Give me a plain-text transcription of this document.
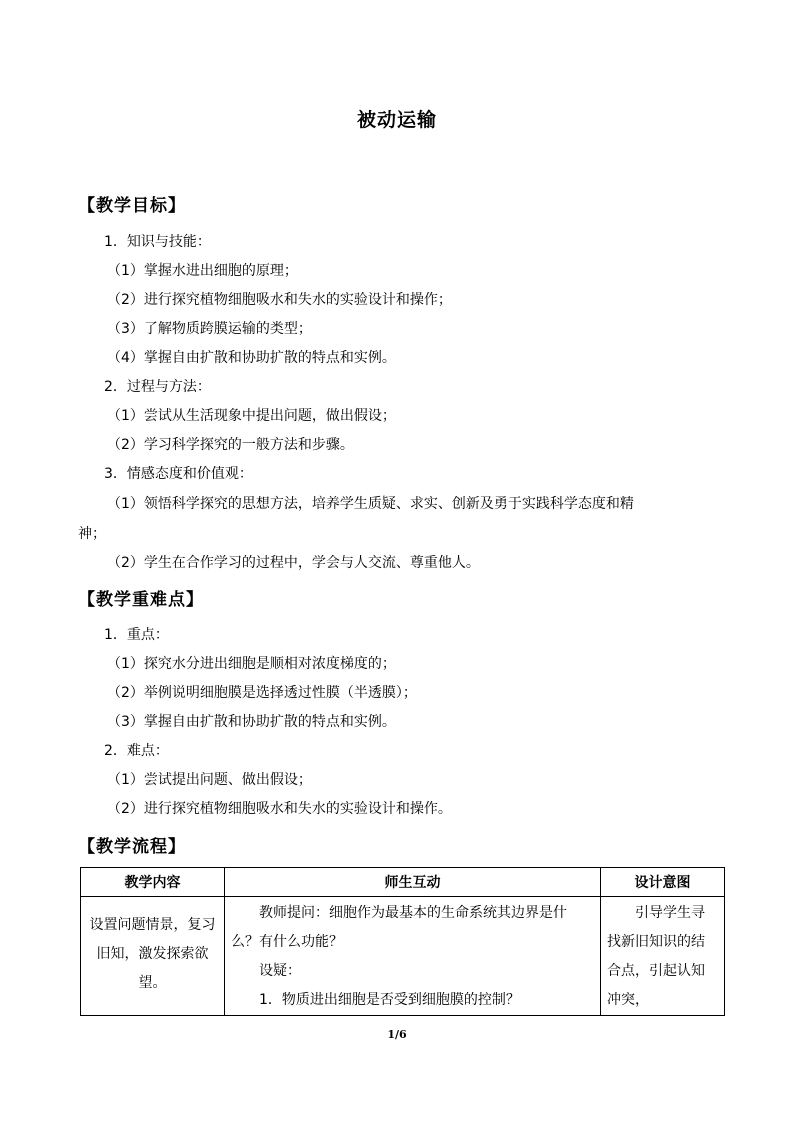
被动运输
【教学目标】
1．知识与技能：
（1）掌握水进出细胞的原理；
（2）进行探究植物细胞吸水和失水的实验设计和操作；
（3）了解物质跨膜运输的类型；
（4）掌握自由扩散和协助扩散的特点和实例。
2．过程与方法：
（1）尝试从生活现象中提出问题，做出假设；
（2）学习科学探究的一般方法和步骤。
3．情感态度和价值观：
（1）领悟科学探究的思想方法，培养学生质疑、求实、创新及勇于实践科学态度和精
神；
（2）学生在合作学习的过程中，学会与人交流、尊重他人。
【教学重难点】
1．重点：
（1）探究水分进出细胞是顺相对浓度梯度的；
（2）举例说明细胞膜是选择透过性膜（半透膜）；
（3）掌握自由扩散和协助扩散的特点和实例。
2．难点：
（1）尝试提出问题、做出假设；
（2）进行探究植物细胞吸水和失水的实验设计和操作。
【教学流程】
教学内容	师生互动	设计意图
设置问题情景，复习旧知，激发探索欲望。	教师提问：细胞作为最基本的生命系统其边界是什么？有什么功能？
设疑：
1．物质进出细胞是否受到细胞膜的控制？	引导学生寻找新旧知识的结合点，引起认知冲突，
1/6
